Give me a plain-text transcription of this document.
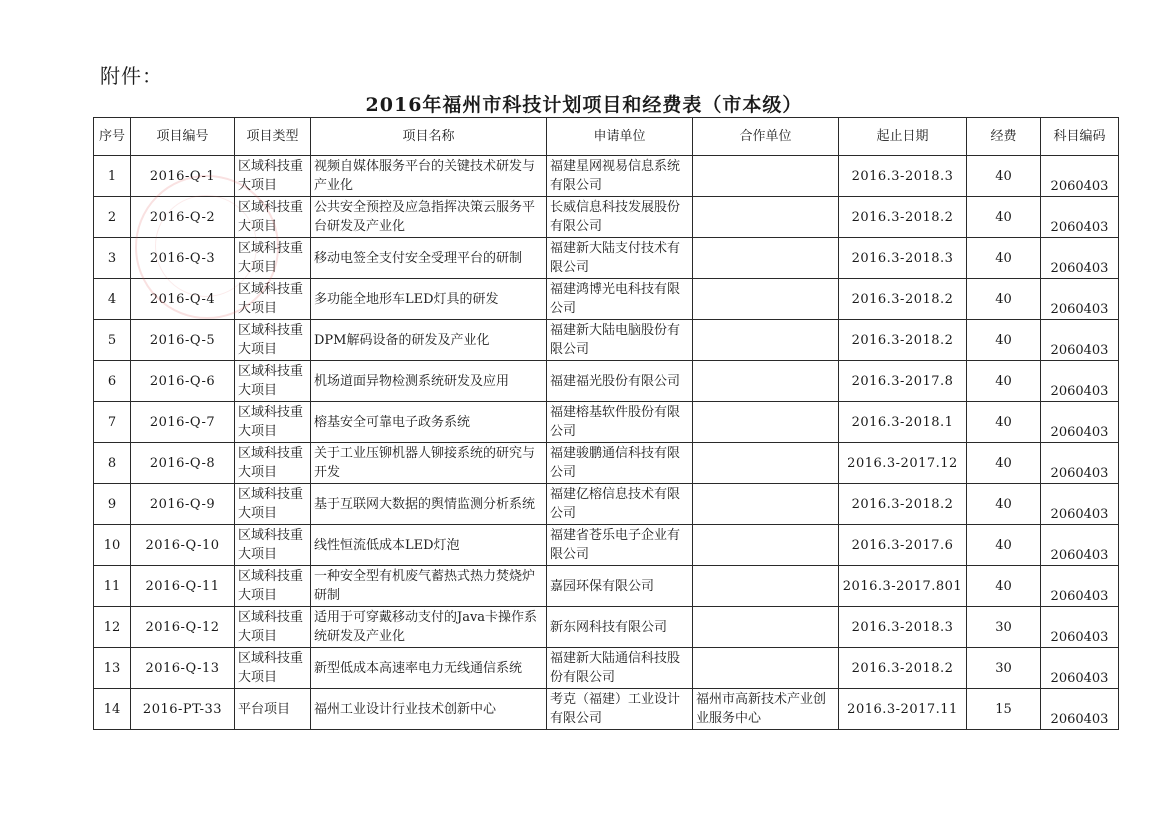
附件：
2016年福州市科技计划项目和经费表（市本级）
序号	项目编号	项目类型	项目名称	申请单位	合作单位	起止日期	经费	科目编码
1	2016-Q-1	区域科技重大项目	视频自媒体服务平台的关键技术研发与产业化	福建星网视易信息系统有限公司		2016.3-2018.3	40	2060403
2	2016-Q-2	区域科技重大项目	公共安全预控及应急指挥决策云服务平台研发及产业化	长威信息科技发展股份有限公司		2016.3-2018.2	40	2060403
3	2016-Q-3	区域科技重大项目	移动电签全支付安全受理平台的研制	福建新大陆支付技术有限公司		2016.3-2018.3	40	2060403
4	2016-Q-4	区域科技重大项目	多功能全地形车LED灯具的研发	福建鸿博光电科技有限公司		2016.3-2018.2	40	2060403
5	2016-Q-5	区域科技重大项目	DPM解码设备的研发及产业化	福建新大陆电脑股份有限公司		2016.3-2018.2	40	2060403
6	2016-Q-6	区域科技重大项目	机场道面异物检测系统研发及应用	福建福光股份有限公司		2016.3-2017.8	40	2060403
7	2016-Q-7	区域科技重大项目	榕基安全可靠电子政务系统	福建榕基软件股份有限公司		2016.3-2018.1	40	2060403
8	2016-Q-8	区域科技重大项目	关于工业压铆机器人铆接系统的研究与开发	福建骏鹏通信科技有限公司		2016.3-2017.12	40	2060403
9	2016-Q-9	区域科技重大项目	基于互联网大数据的舆情监测分析系统	福建亿榕信息技术有限公司		2016.3-2018.2	40	2060403
10	2016-Q-10	区域科技重大项目	线性恒流低成本LED灯泡	福建省苍乐电子企业有限公司		2016.3-2017.6	40	2060403
11	2016-Q-11	区域科技重大项目	一种安全型有机废气蓄热式热力焚烧炉研制	嘉园环保有限公司		2016.3-2017.801	40	2060403
12	2016-Q-12	区域科技重大项目	适用于可穿戴移动支付的Java卡操作系统研发及产业化	新东网科技有限公司		2016.3-2018.3	30	2060403
13	2016-Q-13	区域科技重大项目	新型低成本高速率电力无线通信系统	福建新大陆通信科技股份有限公司		2016.3-2018.2	30	2060403
14	2016-PT-33	平台项目	福州工业设计行业技术创新中心	考克（福建）工业设计有限公司	福州市高新技术产业创业服务中心	2016.3-2017.11	15	2060403
